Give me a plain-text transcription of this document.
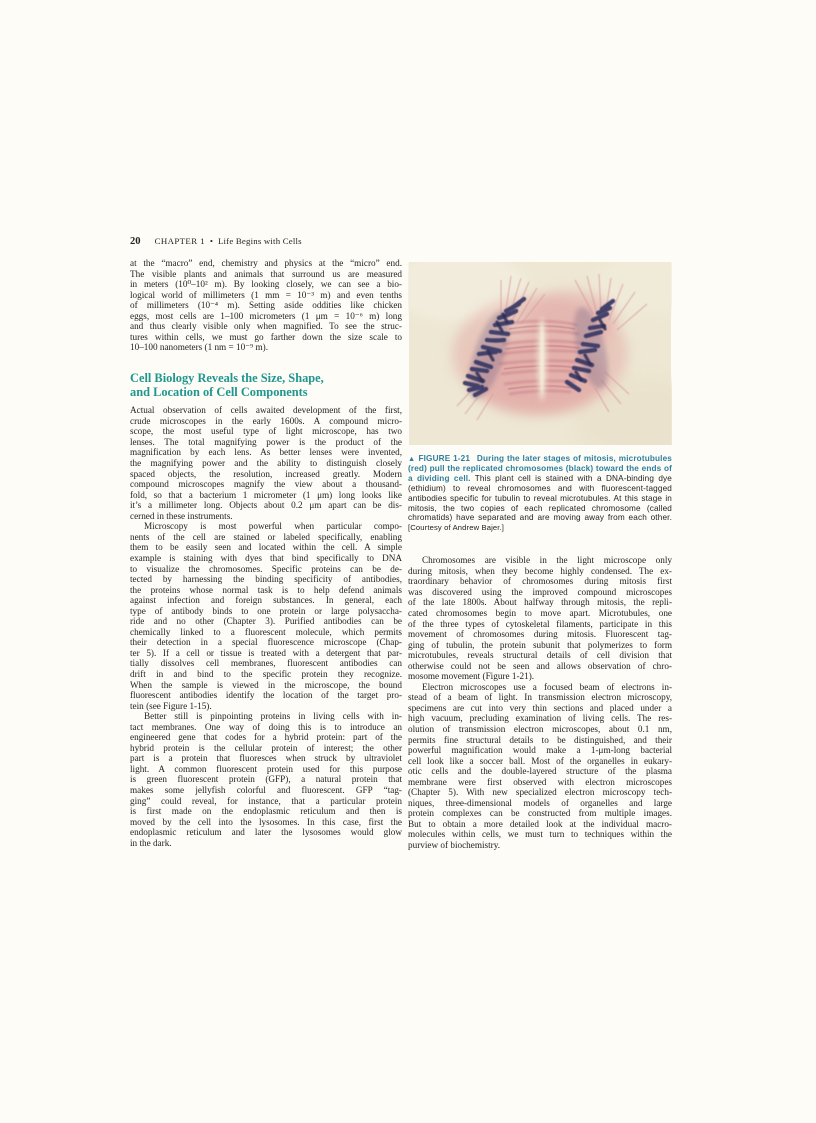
20 CHAPTER 1 • Life Begins with Cells

at the “macro” end, chemistry and physics at the “micro” end.
The visible plants and animals that surround us are measured
in meters (10⁰–10² m). By looking closely, we can see a bio-
logical world of millimeters (1 mm = 10⁻³ m) and even tenths
of millimeters (10⁻⁴ m). Setting aside oddities like chicken
eggs, most cells are 1–100 micrometers (1 μm = 10⁻⁶ m) long
and thus clearly visible only when magnified. To see the struc-
tures within cells, we must go farther down the size scale to
10–100 nanometers (1 nm = 10⁻⁹ m).

Cell Biology Reveals the Size, Shape,
and Location of Cell Components

Actual observation of cells awaited development of the first,
crude microscopes in the early 1600s. A compound micro-
scope, the most useful type of light microscope, has two
lenses. The total magnifying power is the product of the
magnification by each lens. As better lenses were invented,
the magnifying power and the ability to distinguish closely
spaced objects, the resolution, increased greatly. Modern
compound microscopes magnify the view about a thousand-
fold, so that a bacterium 1 micrometer (1 μm) long looks like
it’s a millimeter long. Objects about 0.2 μm apart can be dis-
cerned in these instruments.

Microscopy is most powerful when particular compo-
nents of the cell are stained or labeled specifically, enabling
them to be easily seen and located within the cell. A simple
example is staining with dyes that bind specifically to DNA
to visualize the chromosomes. Specific proteins can be de-
tected by harnessing the binding specificity of antibodies,
the proteins whose normal task is to help defend animals
against infection and foreign substances. In general, each
type of antibody binds to one protein or large polysaccha-
ride and no other (Chapter 3). Purified antibodies can be
chemically linked to a fluorescent molecule, which permits
their detection in a special fluorescence microscope (Chap-
ter 5). If a cell or tissue is treated with a detergent that par-
tially dissolves cell membranes, fluorescent antibodies can
drift in and bind to the specific protein they recognize.
When the sample is viewed in the microscope, the bound
fluorescent antibodies identify the location of the target pro-
tein (see Figure 1-15).

Better still is pinpointing proteins in living cells with in-
tact membranes. One way of doing this is to introduce an
engineered gene that codes for a hybrid protein: part of the
hybrid protein is the cellular protein of interest; the other
part is a protein that fluoresces when struck by ultraviolet
light. A common fluorescent protein used for this purpose
is green fluorescent protein (GFP), a natural protein that
makes some jellyfish colorful and fluorescent. GFP “tag-
ging” could reveal, for instance, that a particular protein
is first made on the endoplasmic reticulum and then is
moved by the cell into the lysosomes. In this case, first the
endoplasmic reticulum and later the lysosomes would glow
in the dark.

▲ FIGURE 1-21 During the later stages of mitosis, microtubules (red) pull the replicated chromosomes (black) toward the ends of a dividing cell. This plant cell is stained with a DNA-binding dye (ethidium) to reveal chromosomes and with fluorescent-tagged antibodies specific for tubulin to reveal microtubules. At this stage in mitosis, the two copies of each replicated chromosome (called chromatids) have separated and are moving away from each other. [Courtesy of Andrew Bajer.]

Chromosomes are visible in the light microscope only
during mitosis, when they become highly condensed. The ex-
traordinary behavior of chromosomes during mitosis first
was discovered using the improved compound microscopes
of the late 1800s. About halfway through mitosis, the repli-
cated chromosomes begin to move apart. Microtubules, one
of the three types of cytoskeletal filaments, participate in this
movement of chromosomes during mitosis. Fluorescent tag-
ging of tubulin, the protein subunit that polymerizes to form
microtubules, reveals structural details of cell division that
otherwise could not be seen and allows observation of chro-
mosome movement (Figure 1-21).

Electron microscopes use a focused beam of electrons in-
stead of a beam of light. In transmission electron microscopy,
specimens are cut into very thin sections and placed under a
high vacuum, precluding examination of living cells. The res-
olution of transmission electron microscopes, about 0.1 nm,
permits fine structural details to be distinguished, and their
powerful magnification would make a 1-μm-long bacterial
cell look like a soccer ball. Most of the organelles in eukary-
otic cells and the double-layered structure of the plasma
membrane were first observed with electron microscopes
(Chapter 5). With new specialized electron microscopy tech-
niques, three-dimensional models of organelles and large
protein complexes can be constructed from multiple images.
But to obtain a more detailed look at the individual macro-
molecules within cells, we must turn to techniques within the
purview of biochemistry.
